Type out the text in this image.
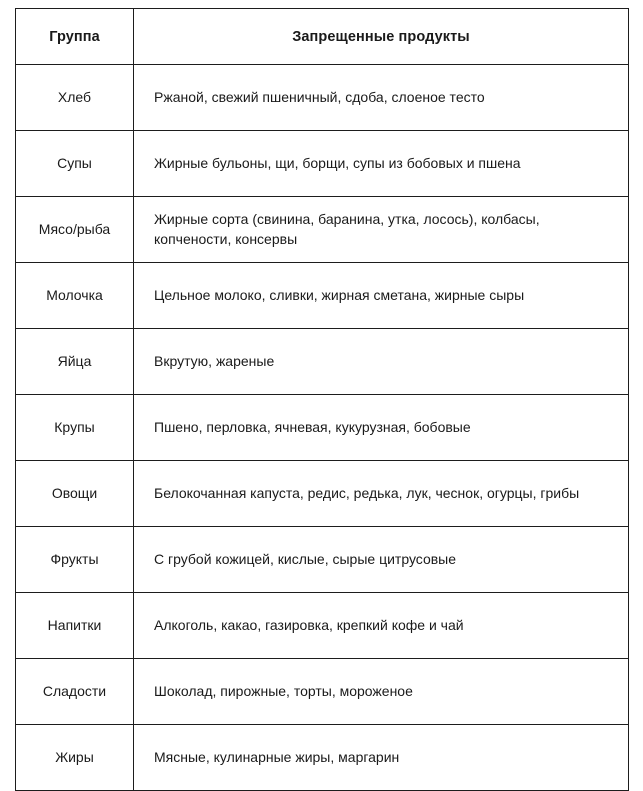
Группа	Запрещенные продукты
Хлеб	Ржаной, свежий пшеничный, сдоба, слоеное тесто
Супы	Жирные бульоны, щи, борщи, супы из бобовых и пшена
Мясо/рыба	Жирные сорта (свинина, баранина, утка, лосось), колбасы, копчености, консервы
Молочка	Цельное молоко, сливки, жирная сметана, жирные сыры
Яйца	Вкрутую, жареные
Крупы	Пшено, перловка, ячневая, кукурузная, бобовые
Овощи	Белокочанная капуста, редис, редька, лук, чеснок, огурцы, грибы
Фрукты	С грубой кожицей, кислые, сырые цитрусовые
Напитки	Алкоголь, какао, газировка, крепкий кофе и чай
Сладости	Шоколад, пирожные, торты, мороженое
Жиры	Мясные, кулинарные жиры, маргарин
